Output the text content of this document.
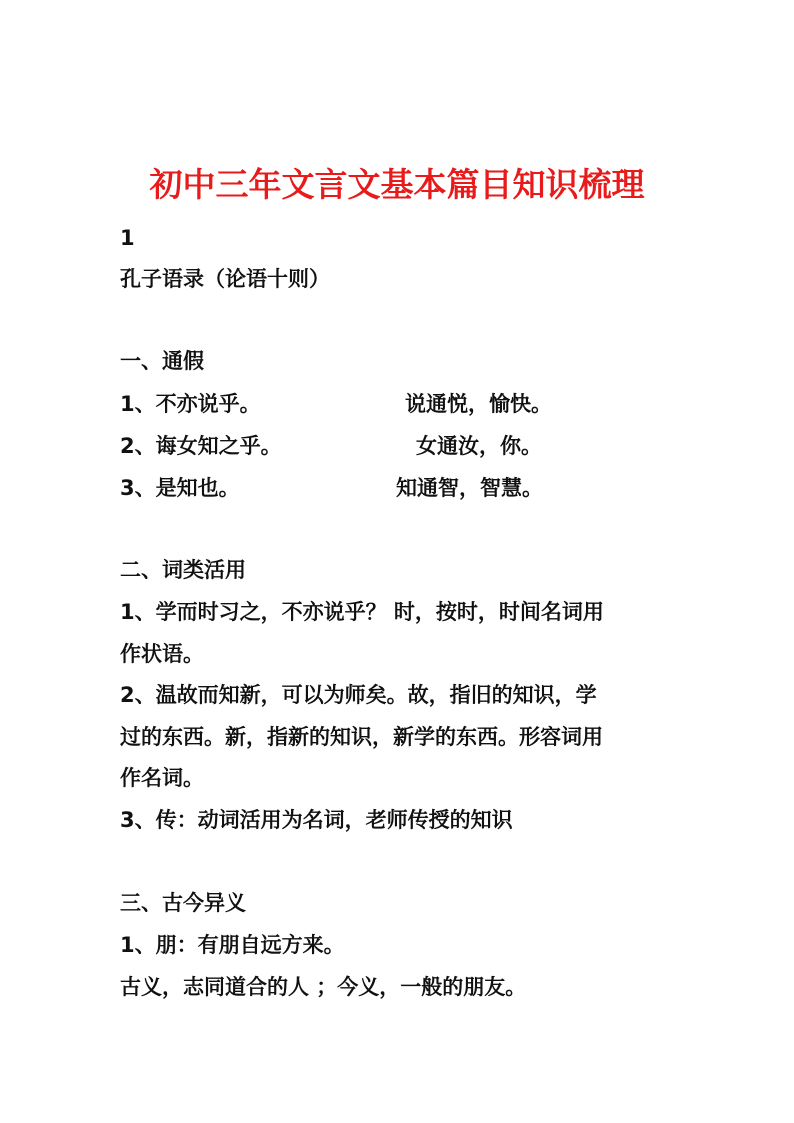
初中三年文言文基本篇目知识梳理
1
孔子语录（论语十则）
一、通假
1、不亦说乎。	说通悦，愉快。
2、诲女知之乎。	女通汝，你。
3、是知也。	知通智，智慧。
二、词类活用
1、学而时习之，不亦说乎？ 时，按时，时间名词用
作状语。
2、温故而知新，可以为师矣。故，指旧的知识，学
过的东西。新，指新的知识，新学的东西。形容词用
作名词。
3、传：动词活用为名词，老师传授的知识
三、古今异义
1、朋：有朋自远方来。
古义，志同道合的人 ；今义，一般的朋友。
